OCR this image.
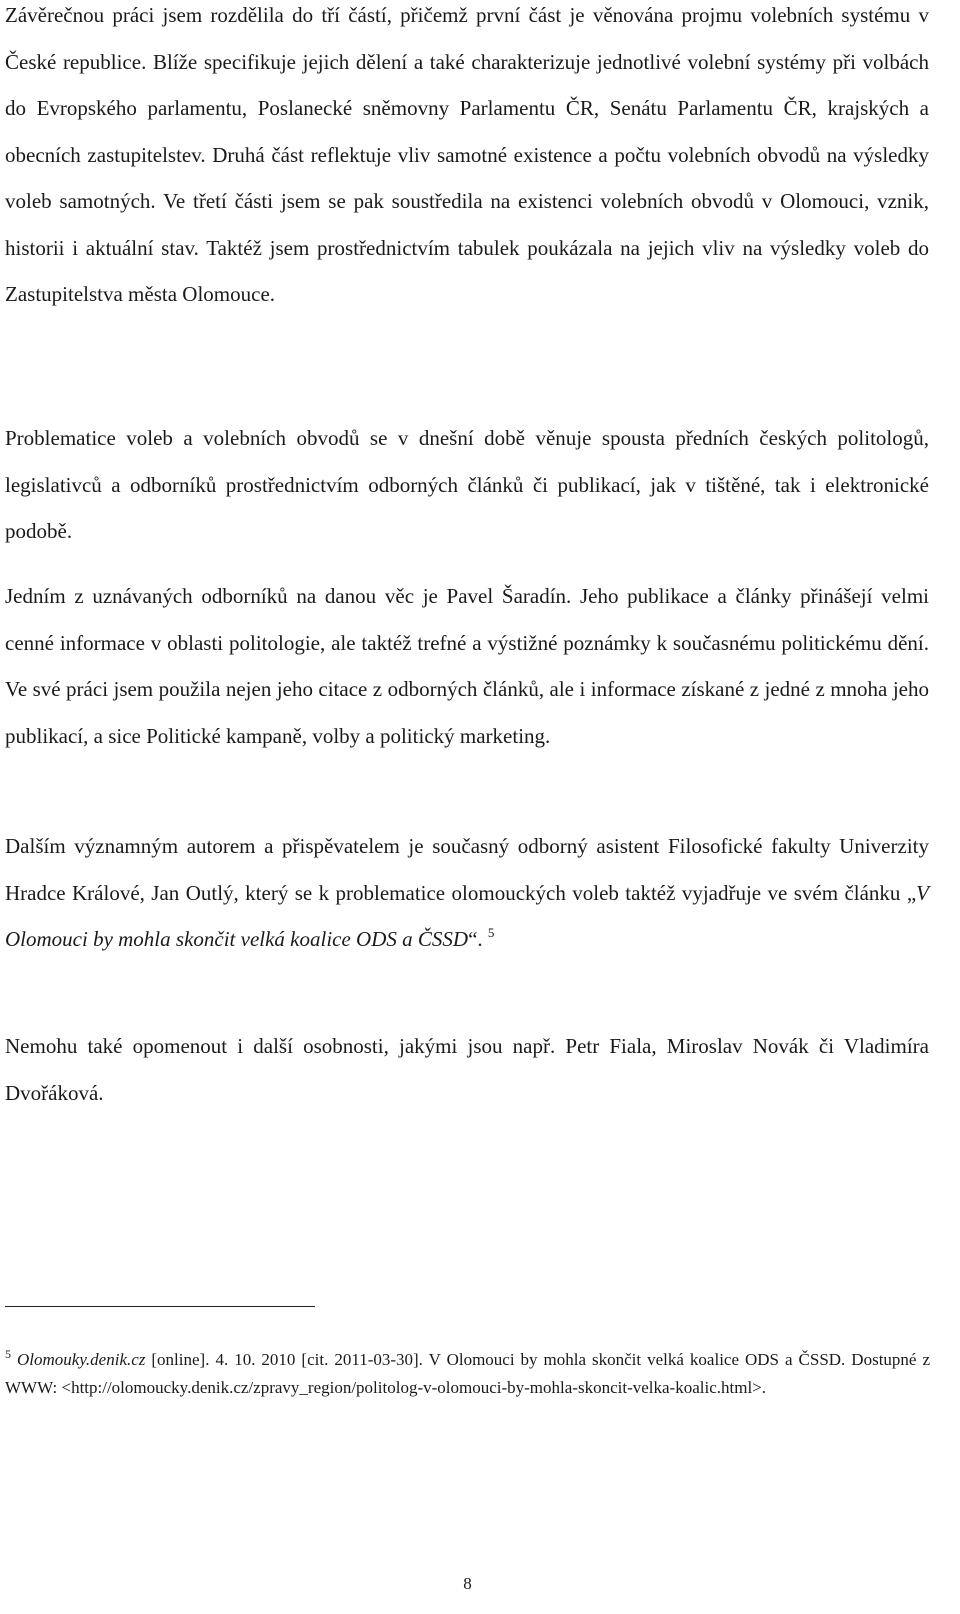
Závěrečnou práci jsem rozdělila do tří částí, přičemž první část je věnována projmu volebních systému v České republice. Blíže specifikuje jejich dělení a také charakterizuje jednotlivé volební systémy při volbách do Evropského parlamentu, Poslanecké sněmovny Parlamentu ČR, Senátu Parlamentu ČR, krajských a obecních zastupitelstev. Druhá část reflektuje vliv samotné existence a počtu volebních obvodů na výsledky voleb samotných. Ve třetí části jsem se pak soustředila na existenci volebních obvodů v Olomouci, vznik, historii i aktuální stav. Taktéž jsem prostřednictvím tabulek poukázala na jejich vliv na výsledky voleb do Zastupitelstva města Olomouce.

Problematice voleb a volebních obvodů se v dnešní době věnuje spousta předních českých politologů, legislativců a odborníků prostřednictvím odborných článků či publikací, jak v tištěné, tak i elektronické podobě.

Jedním z uznávaných odborníků na danou věc je Pavel Šaradín. Jeho publikace a články přinášejí velmi cenné informace v oblasti politologie, ale taktéž trefné a výstižné poznámky k současnému politickému dění. Ve své práci jsem použila nejen jeho citace z odborných článků, ale i informace získané z jedné z mnoha jeho publikací, a sice Politické kampaně, volby a politický marketing.

Dalším významným autorem a přispěvatelem je současný odborný asistent Filosofické fakulty Univerzity Hradce Králové, Jan Outlý, který se k problematice olomouckých voleb taktéž vyjadřuje ve svém článku „V Olomouci by mohla skončit velká koalice ODS a ČSSD“. $^5$

Nemohu také opomenout i další osobnosti, jakými jsou např. Petr Fiala, Miroslav Novák či Vladimíra Dvořáková.

$^5$ Olomouky.denik.cz [online]. 4. 10. 2010 [cit. 2011-03-30]. V Olomouci by mohla skončit velká koalice ODS a ČSSD. Dostupné z WWW: <http://olomoucky.denik.cz/zpravy_region/politolog-v-olomouci-by-mohla-skoncit-velka-koalic.html>.

8
